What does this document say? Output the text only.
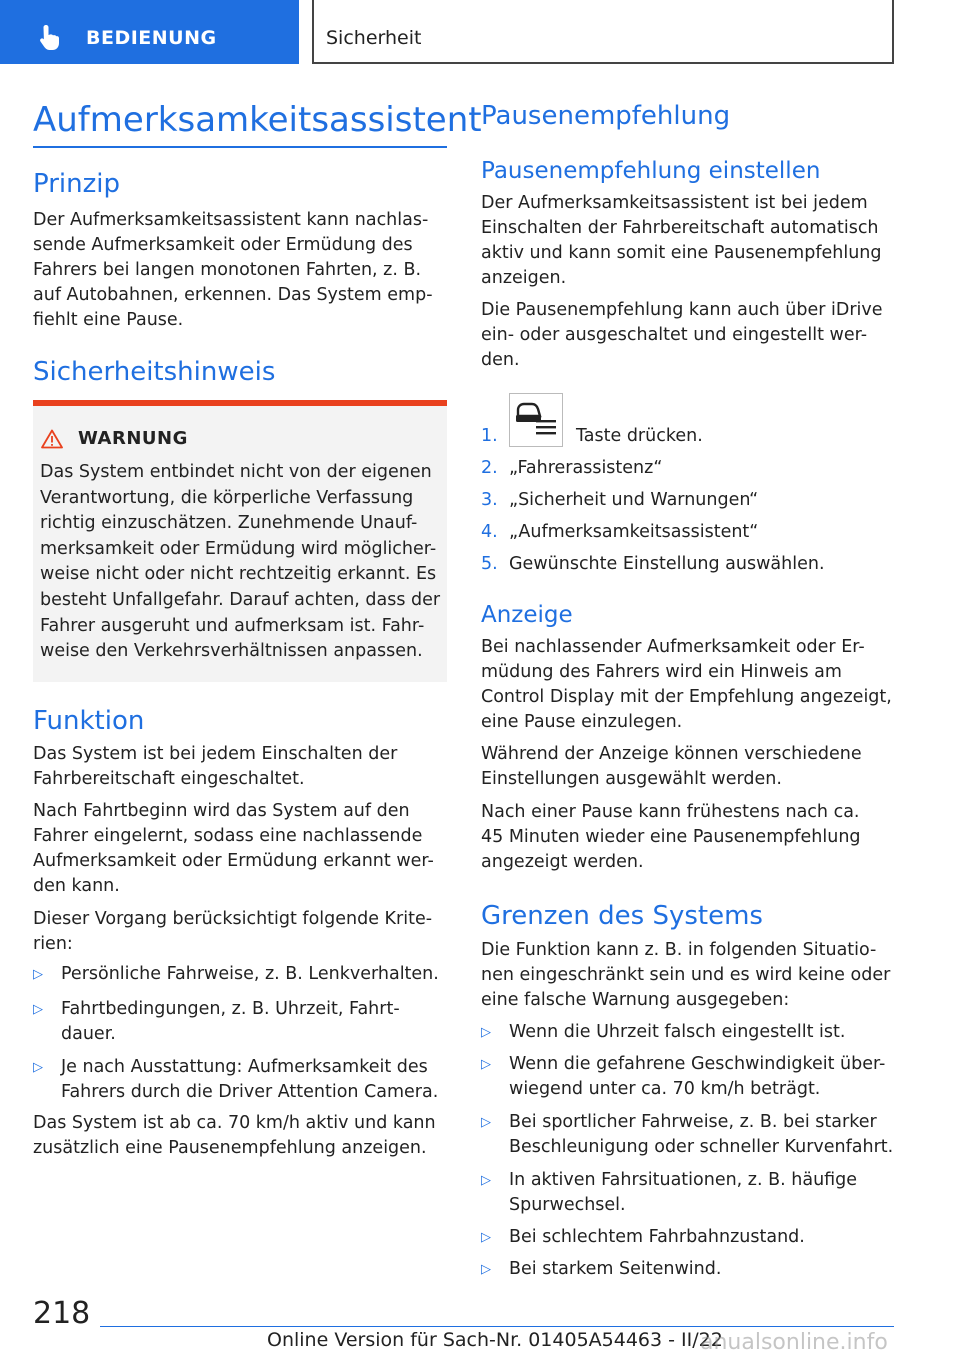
BEDIENUNG	Sicherheit
Aufmerksamkeitsassistent
Prinzip
Der Aufmerksamkeitsassistent kann nachlas-
sende Aufmerksamkeit oder Ermüdung des
Fahrers bei langen monotonen Fahrten, z. B.
auf Autobahnen, erkennen. Das System emp-
fiehlt eine Pause.
Sicherheitshinweis
WARNUNG
Das System entbindet nicht von der eigenen
Verantwortung, die körperliche Verfassung
richtig einzuschätzen. Zunehmende Unauf-
merksamkeit oder Ermüdung wird möglicher-
weise nicht oder nicht rechtzeitig erkannt. Es
besteht Unfallgefahr. Darauf achten, dass der
Fahrer ausgeruht und aufmerksam ist. Fahr-
weise den Verkehrsverhältnissen anpassen.
Funktion
Das System ist bei jedem Einschalten der
Fahrbereitschaft eingeschaltet.
Nach Fahrtbeginn wird das System auf den
Fahrer eingelernt, sodass eine nachlassende
Aufmerksamkeit oder Ermüdung erkannt wer-
den kann.
Dieser Vorgang berücksichtigt folgende Krite-
rien:
▷	Persönliche Fahrweise, z. B. Lenkverhalten.
▷	Fahrtbedingungen, z. B. Uhrzeit, Fahrt-
dauer.
▷	Je nach Ausstattung: Aufmerksamkeit des
Fahrers durch die Driver Attention Camera.
Das System ist ab ca. 70 km/h aktiv und kann
zusätzlich eine Pausenempfehlung anzeigen.
Pausenempfehlung
Pausenempfehlung einstellen
Der Aufmerksamkeitsassistent ist bei jedem
Einschalten der Fahrbereitschaft automatisch
aktiv und kann somit eine Pausenempfehlung
anzeigen.
Die Pausenempfehlung kann auch über iDrive
ein- oder ausgeschaltet und eingestellt wer-
den.
1.	Taste drücken.
2. „Fahrerassistenz“
3. „Sicherheit und Warnungen“
4. „Aufmerksamkeitsassistent“
5. Gewünschte Einstellung auswählen.
Anzeige
Bei nachlassender Aufmerksamkeit oder Er-
müdung des Fahrers wird ein Hinweis am
Control Display mit der Empfehlung angezeigt,
eine Pause einzulegen.
Während der Anzeige können verschiedene
Einstellungen ausgewählt werden.
Nach einer Pause kann frühestens nach ca.
45 Minuten wieder eine Pausenempfehlung
angezeigt werden.
Grenzen des Systems
Die Funktion kann z. B. in folgenden Situatio-
nen eingeschränkt sein und es wird keine oder
eine falsche Warnung ausgegeben:
▷	Wenn die Uhrzeit falsch eingestellt ist.
▷	Wenn die gefahrene Geschwindigkeit über-
wiegend unter ca. 70 km/h beträgt.
▷	Bei sportlicher Fahrweise, z. B. bei starker
Beschleunigung oder schneller Kurvenfahrt.
▷	In aktiven Fahrsituationen, z. B. häufige
Spurwechsel.
▷	Bei schlechtem Fahrbahnzustand.
▷	Bei starkem Seitenwind.
218
Online Version für Sach-Nr. 01405A54463 - II/22
anualsonline.info
